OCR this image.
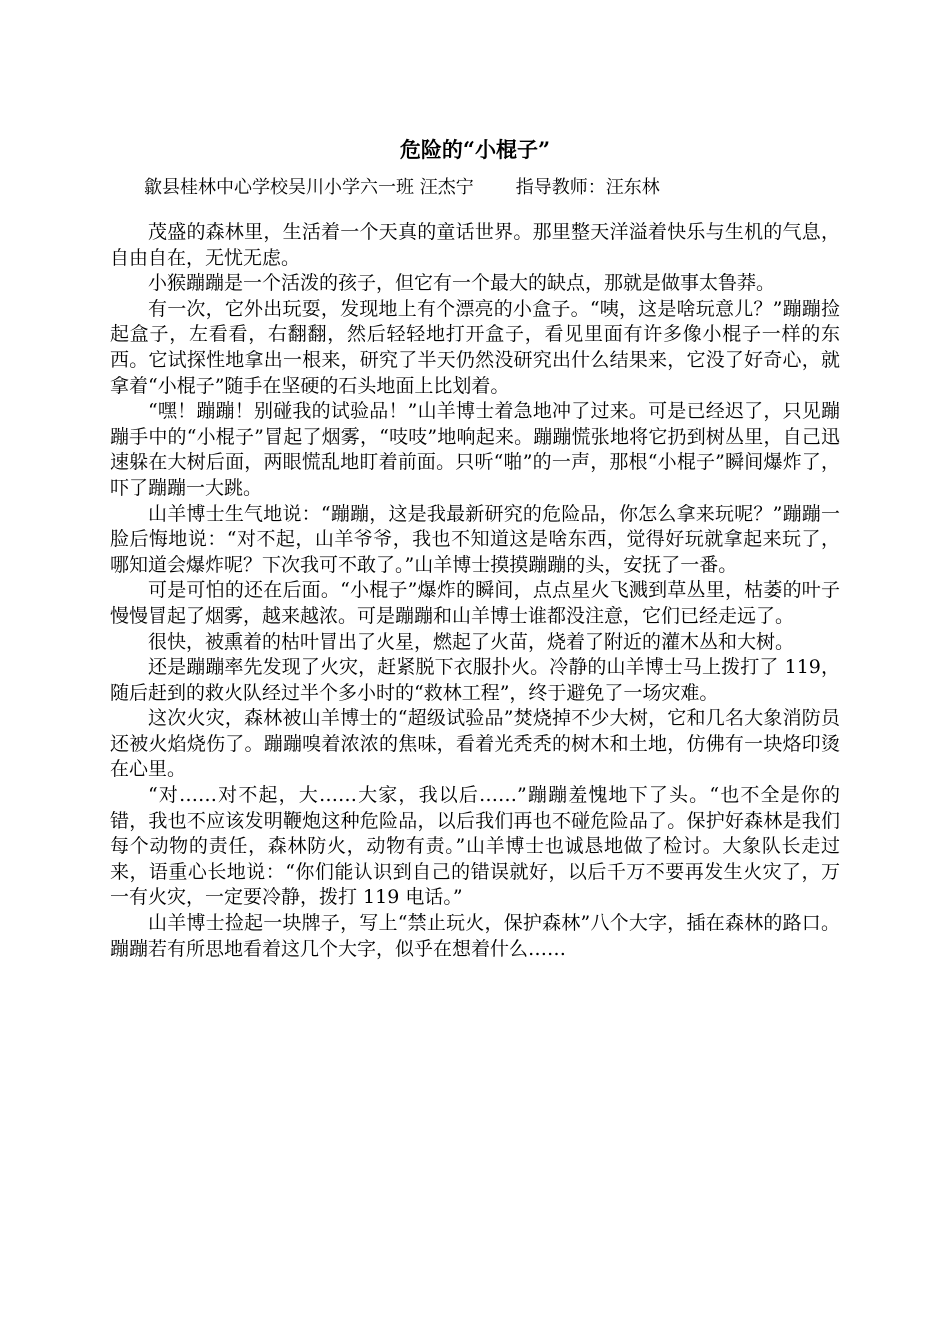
危险的“小棍子”
歙县桂林中心学校吴川小学六一班 汪杰宁 指导教师：汪东林

茂盛的森林里，生活着一个天真的童话世界。那里整天洋溢着快乐与生机的气息，自由自在，无忧无虑。

小猴蹦蹦是一个活泼的孩子，但它有一个最大的缺点，那就是做事太鲁莽。

有一次，它外出玩耍，发现地上有个漂亮的小盒子。“咦，这是啥玩意儿？”蹦蹦捡起盒子，左看看，右翻翻，然后轻轻地打开盒子，看见里面有许多像小棍子一样的东西。它试探性地拿出一根来，研究了半天仍然没研究出什么结果来，它没了好奇心，就拿着“小棍子”随手在坚硬的石头地面上比划着。

“嘿！蹦蹦！别碰我的试验品！”山羊博士着急地冲了过来。可是已经迟了，只见蹦蹦手中的“小棍子”冒起了烟雾，“吱吱”地响起来。蹦蹦慌张地将它扔到树丛里，自己迅速躲在大树后面，两眼慌乱地盯着前面。只听“啪”的一声，那根“小棍子”瞬间爆炸了，吓了蹦蹦一大跳。

山羊博士生气地说：“蹦蹦，这是我最新研究的危险品，你怎么拿来玩呢？”蹦蹦一脸后悔地说：“对不起，山羊爷爷，我也不知道这是啥东西，觉得好玩就拿起来玩了，哪知道会爆炸呢？下次我可不敢了。”山羊博士摸摸蹦蹦的头，安抚了一番。

可是可怕的还在后面。“小棍子”爆炸的瞬间，点点星火飞溅到草丛里，枯萎的叶子慢慢冒起了烟雾，越来越浓。可是蹦蹦和山羊博士谁都没注意，它们已经走远了。

很快，被熏着的枯叶冒出了火星，燃起了火苗，烧着了附近的灌木丛和大树。

还是蹦蹦率先发现了火灾，赶紧脱下衣服扑火。冷静的山羊博士马上拨打了 119，随后赶到的救火队经过半个多小时的“救林工程”，终于避免了一场灾难。

这次火灾，森林被山羊博士的“超级试验品”焚烧掉不少大树，它和几名大象消防员还被火焰烧伤了。蹦蹦嗅着浓浓的焦味，看着光秃秃的树木和土地，仿佛有一块烙印烫在心里。

“对……对不起，大……大家，我以后……”蹦蹦羞愧地下了头。“也不全是你的错，我也不应该发明鞭炮这种危险品，以后我们再也不碰危险品了。保护好森林是我们每个动物的责任，森林防火，动物有责。”山羊博士也诚恳地做了检讨。大象队长走过来，语重心长地说：“你们能认识到自己的错误就好，以后千万不要再发生火灾了，万一有火灾，一定要冷静，拨打 119 电话。”

山羊博士捡起一块牌子，写上“禁止玩火，保护森林”八个大字，插在森林的路口。蹦蹦若有所思地看着这几个大字，似乎在想着什么……
